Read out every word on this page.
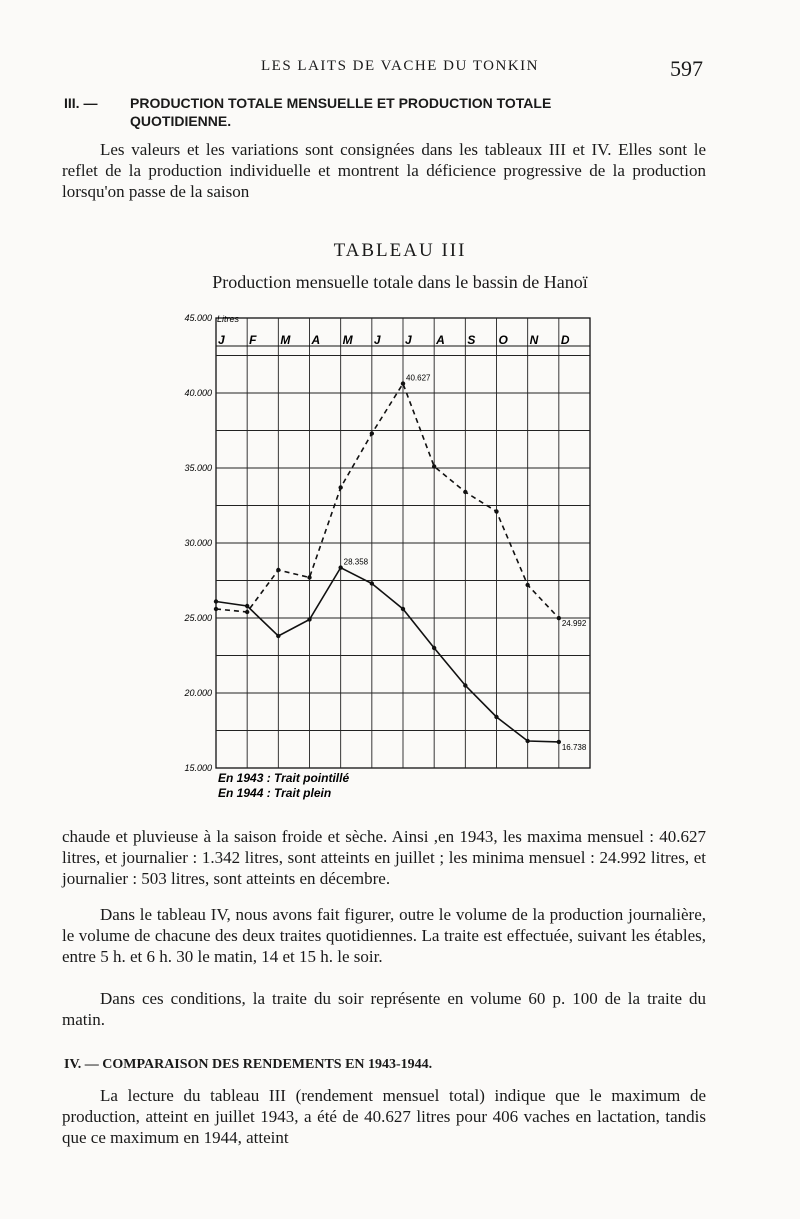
LES LAITS DE VACHE DU TONKIN	597
III. — PRODUCTION TOTALE MENSUELLE ET PRODUCTION TOTALE
QUOTIDIENNE.
Les valeurs et les variations sont consignées dans les tableaux III et IV. Elles sont le reflet de la production individuelle et montrent la déficience progressive de la production lorsqu'on passe de la saison
TABLEAU III
Production mensuelle totale dans le bassin de Hanoï
15.000
20.000
25.000
30.000
35.000
40.000
45.000 Litres
J F M A M J J A S O N D
40.627
24.992
28.358
16.738
En 1943 : Trait pointillé
En 1944 : Trait plein
chaude et pluvieuse à la saison froide et sèche. Ainsi ,en 1943, les maxima mensuel : 40.627 litres, et journalier : 1.342 litres, sont atteints en juillet ; les minima mensuel : 24.992 litres, et journalier : 503 litres, sont atteints en décembre.
Dans le tableau IV, nous avons fait figurer, outre le volume de la production journalière, le volume de chacune des deux traites quotidiennes. La traite est effectuée, suivant les étables, entre 5 h. et 6 h. 30 le matin, 14 et 15 h. le soir.
Dans ces conditions, la traite du soir représente en volume 60 p. 100 de la traite du matin.
IV. — COMPARAISON DES RENDEMENTS EN 1943-1944.
La lecture du tableau III (rendement mensuel total) indique que le maximum de production, atteint en juillet 1943, a été de 40.627 litres pour 406 vaches en lactation, tandis que ce maximum en 1944, atteint
